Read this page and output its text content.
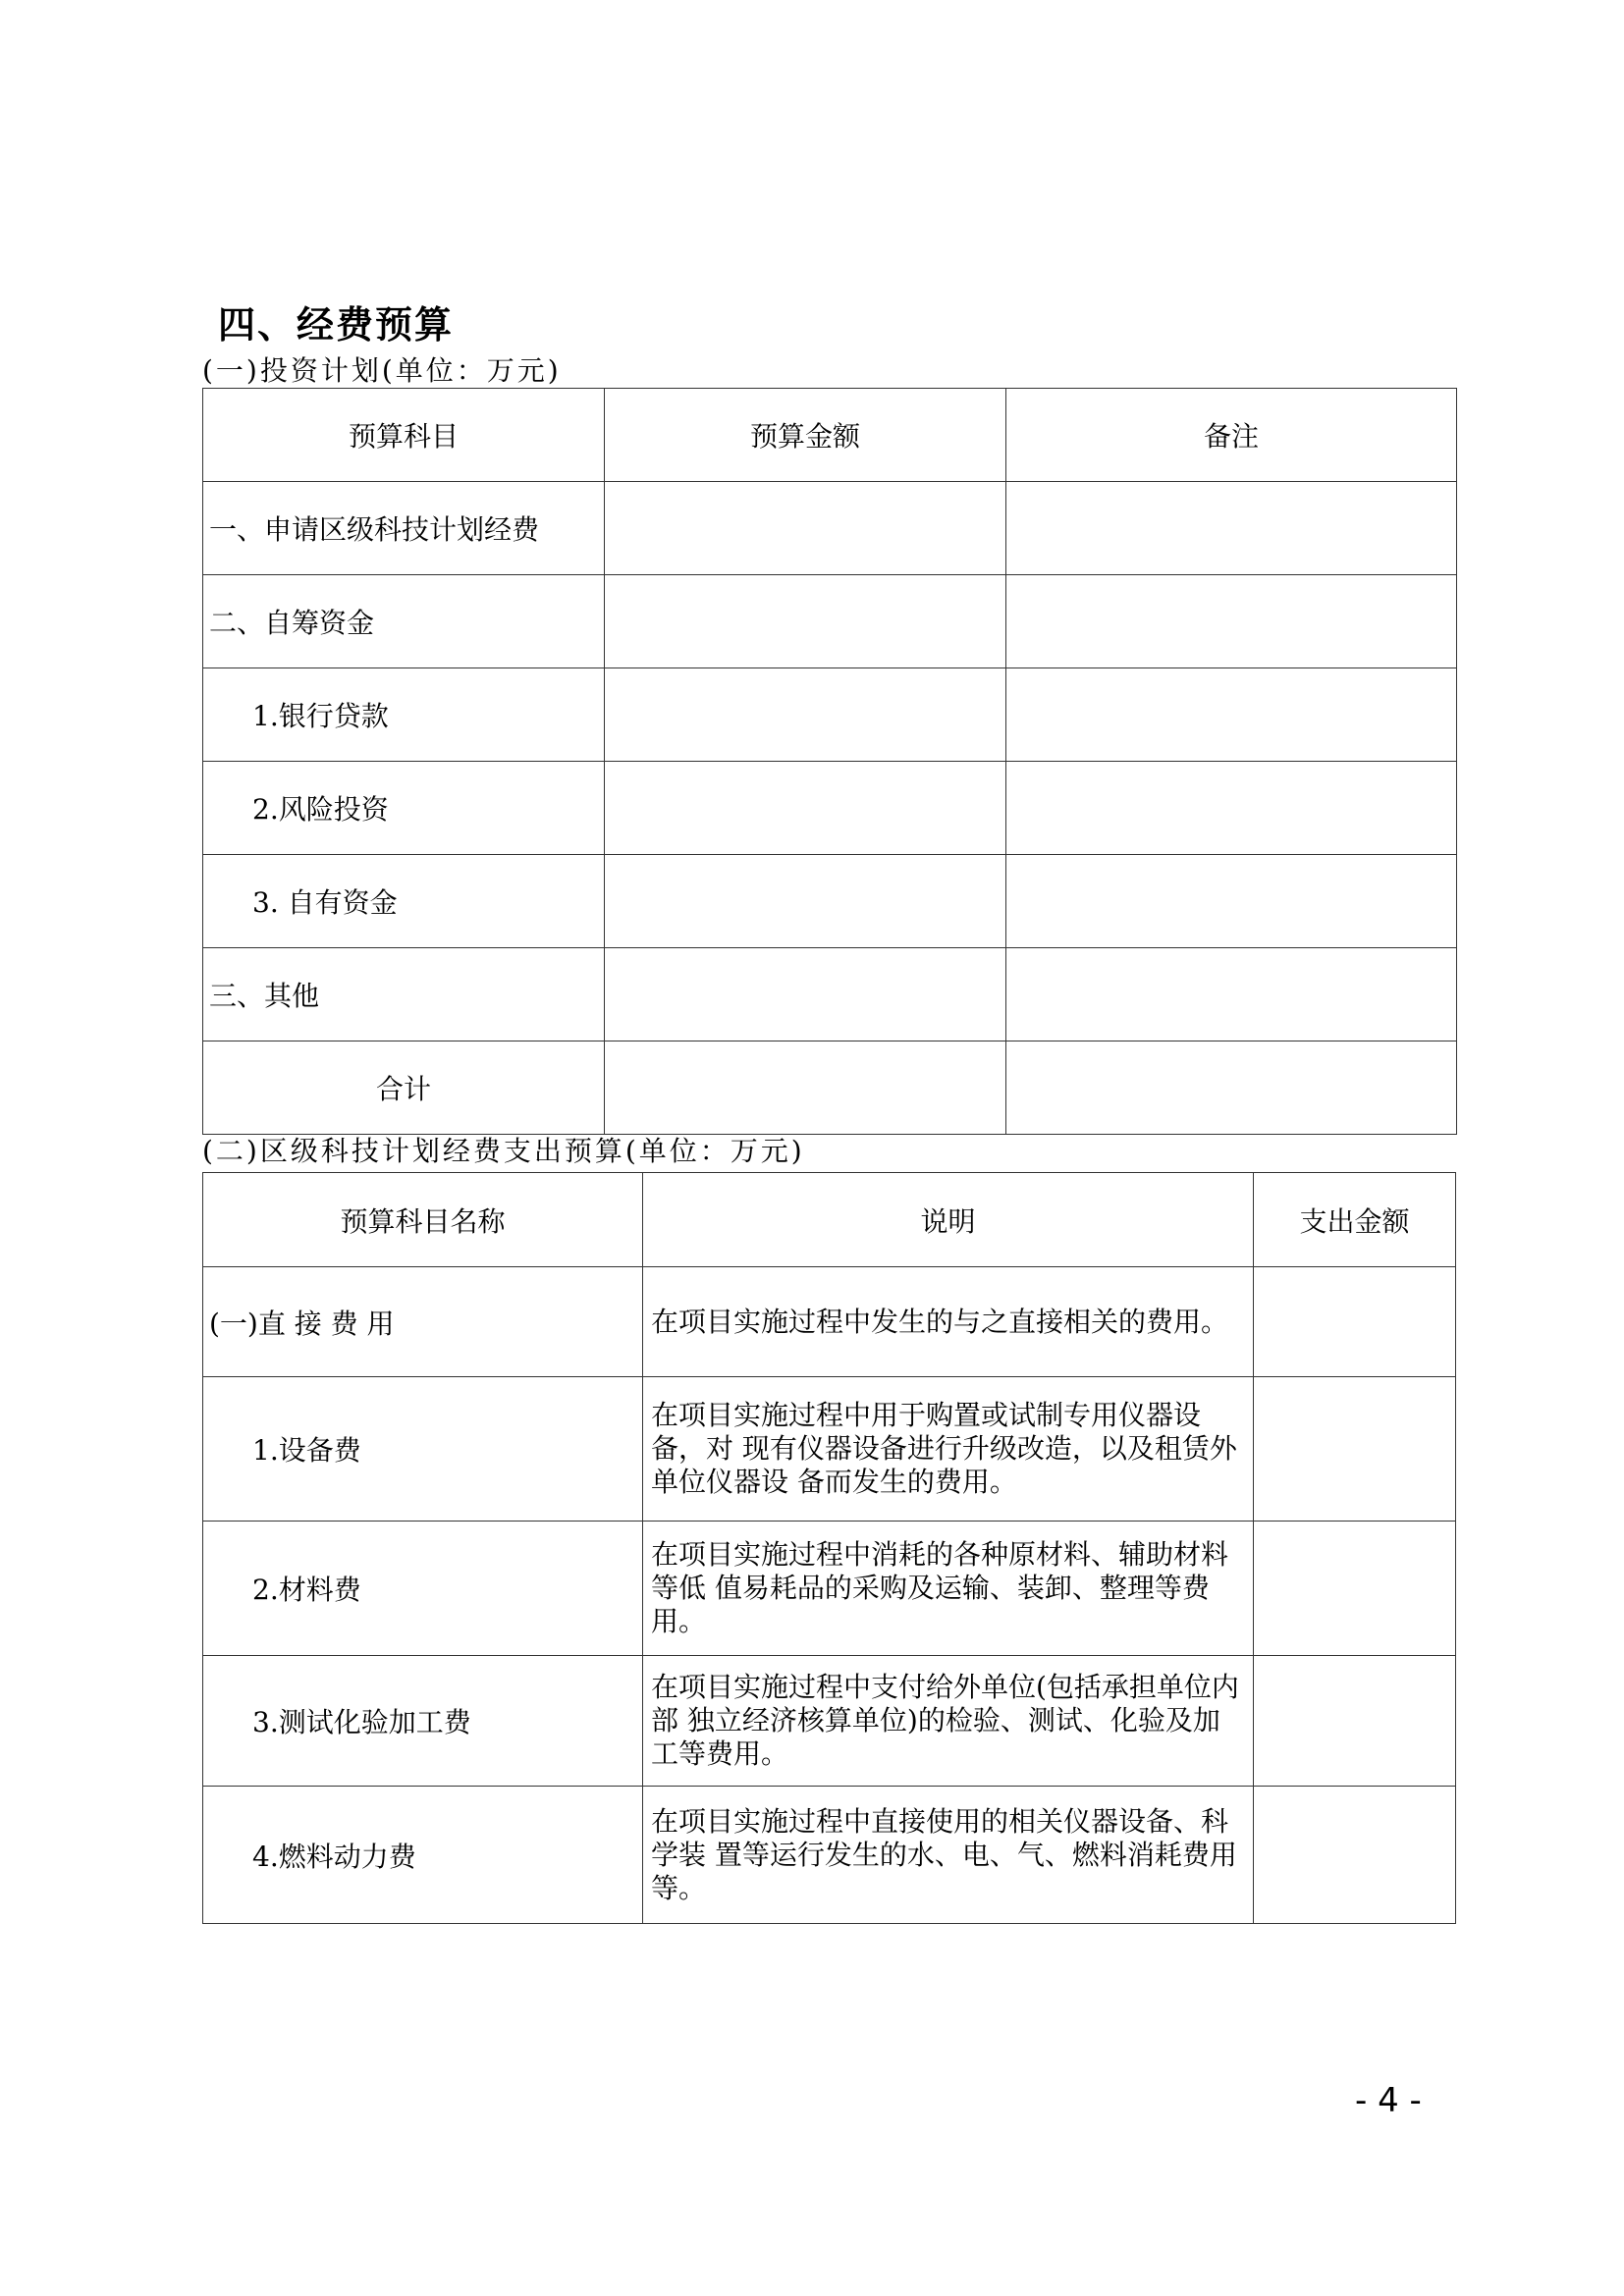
四、经费预算
(一)投资计划(单位：万元)
预算科目	预算金额	备注
一、申请区级科技计划经费		
二、自筹资金		
1.银行贷款		
2.风险投资		
3. 自有资金		
三、其他		
合计		
(二)区级科技计划经费支出预算(单位：万元)
预算科目名称	说明	支出金额
(一)直 接 费 用	在项目实施过程中发生的与之直接相关的费用。	
1.设备费	在项目实施过程中用于购置或试制专用仪器设备，对 现有仪器设备进行升级改造，以及租赁外单位仪器设 备而发生的费用。	
2.材料费	在项目实施过程中消耗的各种原材料、辅助材料等低 值易耗品的采购及运输、装卸、整理等费用。	
3.测试化验加工费	在项目实施过程中支付给外单位(包括承担单位内部 独立经济核算单位)的检验、测试、化验及加工等费用。	
4.燃料动力费	在项目实施过程中直接使用的相关仪器设备、科学装 置等运行发生的水、电、气、燃料消耗费用等。	
- 4 -
